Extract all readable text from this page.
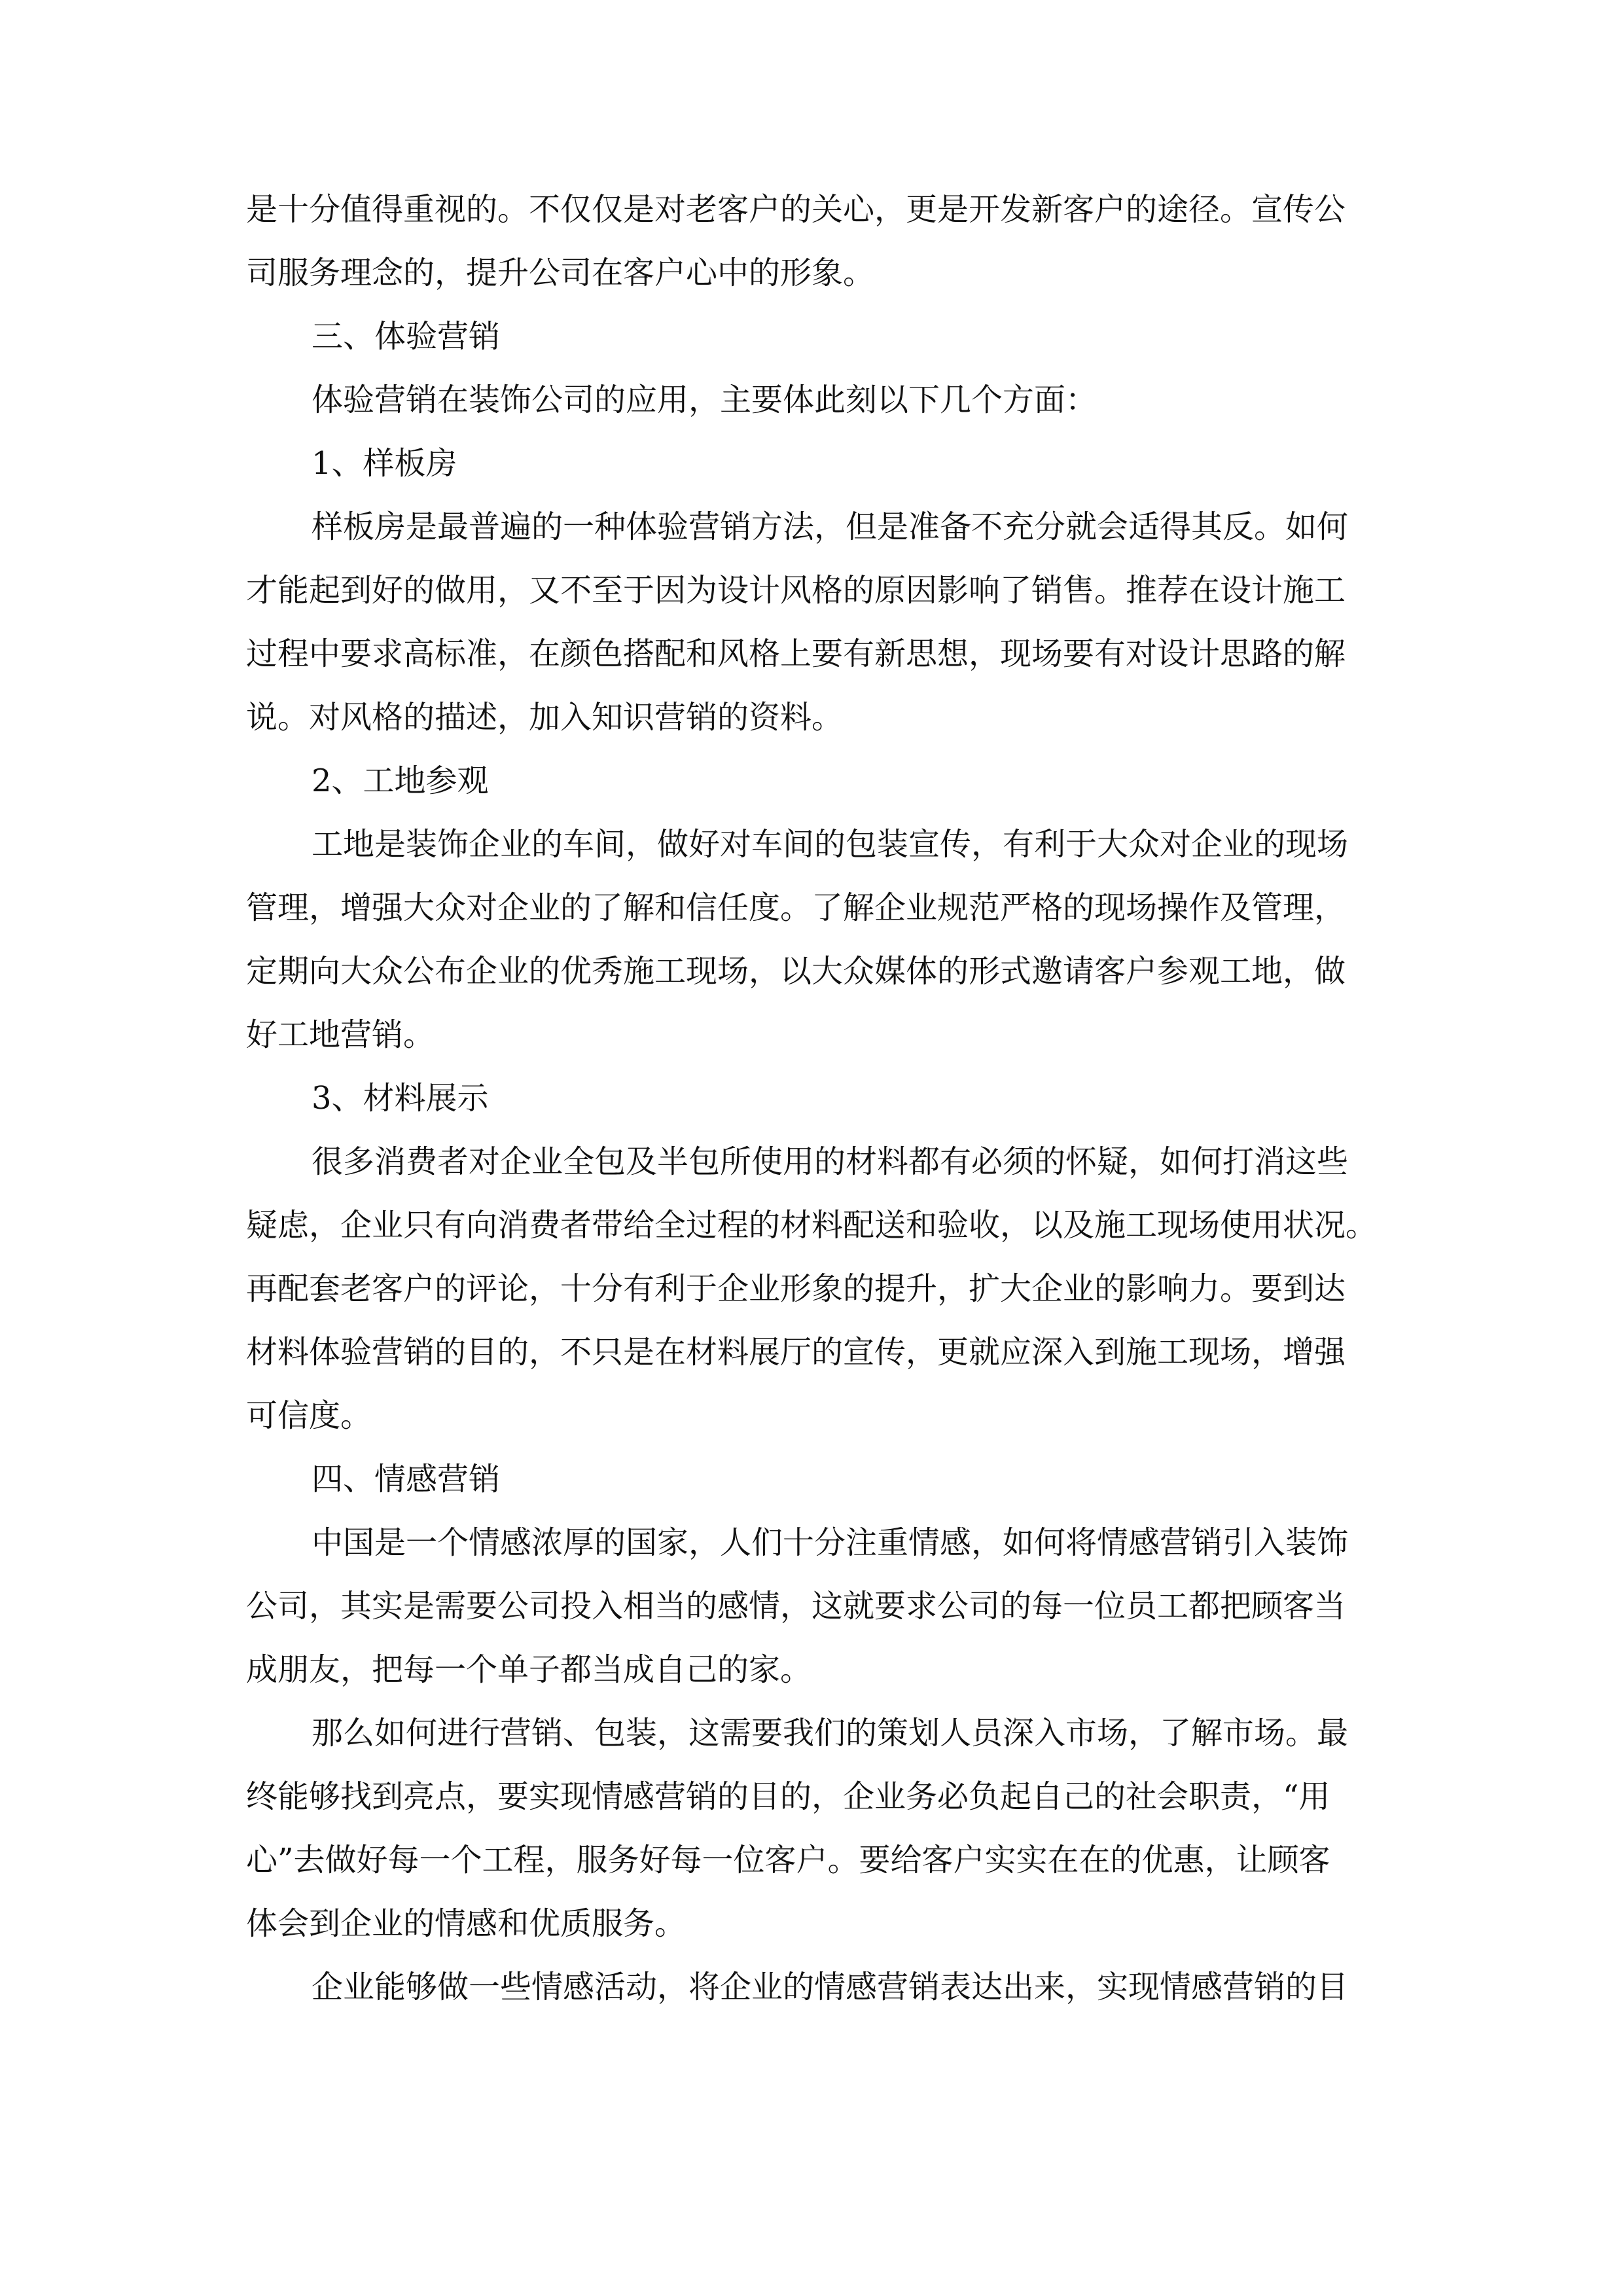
是十分值得重视的。不仅仅是对老客户的关心，更是开发新客户的途径。宣传公
司服务理念的，提升公司在客户心中的形象。
三、体验营销
体验营销在装饰公司的应用，主要体此刻以下几个方面：
1、样板房
样板房是最普遍的一种体验营销方法，但是准备不充分就会适得其反。如何
才能起到好的做用，又不至于因为设计风格的原因影响了销售。推荐在设计施工
过程中要求高标准，在颜色搭配和风格上要有新思想，现场要有对设计思路的解
说。对风格的描述，加入知识营销的资料。
2、工地参观
工地是装饰企业的车间，做好对车间的包装宣传，有利于大众对企业的现场
管理，增强大众对企业的了解和信任度。了解企业规范严格的现场操作及管理，
定期向大众公布企业的优秀施工现场，以大众媒体的形式邀请客户参观工地，做
好工地营销。
3、材料展示
很多消费者对企业全包及半包所使用的材料都有必须的怀疑，如何打消这些
疑虑，企业只有向消费者带给全过程的材料配送和验收，以及施工现场使用状况。
再配套老客户的评论，十分有利于企业形象的提升，扩大企业的影响力。要到达
材料体验营销的目的，不只是在材料展厅的宣传，更就应深入到施工现场，增强
可信度。
四、情感营销
中国是一个情感浓厚的国家，人们十分注重情感，如何将情感营销引入装饰
公司，其实是需要公司投入相当的感情，这就要求公司的每一位员工都把顾客当
成朋友，把每一个单子都当成自己的家。
那么如何进行营销、包装，这需要我们的策划人员深入市场，了解市场。最
终能够找到亮点，要实现情感营销的目的，企业务必负起自己的社会职责，“用
心”去做好每一个工程，服务好每一位客户。要给客户实实在在的优惠，让顾客
体会到企业的情感和优质服务。
企业能够做一些情感活动，将企业的情感营销表达出来，实现情感营销的目
